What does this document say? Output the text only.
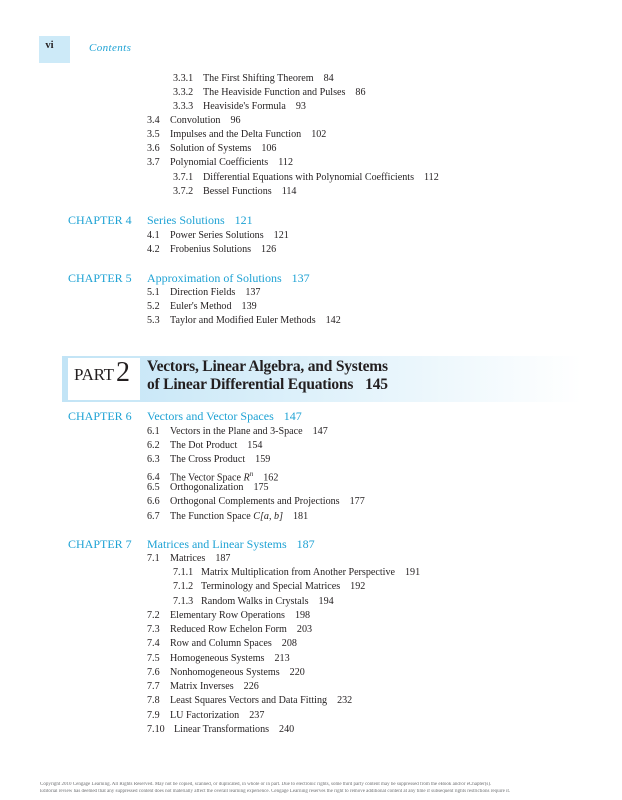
vi	Contents
3.3.1 The First Shifting Theorem 84
3.3.2 The Heaviside Function and Pulses 86
3.3.3 Heaviside's Formula 93
3.4 Convolution 96
3.5 Impulses and the Delta Function 102
3.6 Solution of Systems 106
3.7 Polynomial Coefficients 112
3.7.1 Differential Equations with Polynomial Coefficients 112
3.7.2 Bessel Functions 114
CHAPTER 4 Series Solutions 121
4.1 Power Series Solutions 121
4.2 Frobenius Solutions 126
CHAPTER 5 Approximation of Solutions 137
5.1 Direction Fields 137
5.2 Euler's Method 139
5.3 Taylor and Modified Euler Methods 142
PART 2 Vectors, Linear Algebra, and Systems
of Linear Differential Equations 145
CHAPTER 6 Vectors and Vector Spaces 147
6.1 Vectors in the Plane and 3-Space 147
6.2 The Dot Product 154
6.3 The Cross Product 159
6.4 The Vector Space $R^n$ 162
6.5 Orthogonalization 175
6.6 Orthogonal Complements and Projections 177
6.7 The Function Space C[a, b] 181
CHAPTER 7 Matrices and Linear Systems 187
7.1 Matrices 187
7.1.1 Matrix Multiplication from Another Perspective 191
7.1.2 Terminology and Special Matrices 192
7.1.3 Random Walks in Crystals 194
7.2 Elementary Row Operations 198
7.3 Reduced Row Echelon Form 203
7.4 Row and Column Spaces 208
7.5 Homogeneous Systems 213
7.6 Nonhomogeneous Systems 220
7.7 Matrix Inverses 226
7.8 Least Squares Vectors and Data Fitting 232
7.9 LU Factorization 237
7.10 Linear Transformations 240
Copyright 2010 Cengage Learning. All Rights Reserved. May not be copied, scanned, or duplicated, in whole or in part. Due to electronic rights, some third party content may be suppressed from the eBook and/or eChapter(s).
Editorial review has deemed that any suppressed content does not materially affect the overall learning experience. Cengage Learning reserves the right to remove additional content at any time if subsequent rights restrictions require it.
